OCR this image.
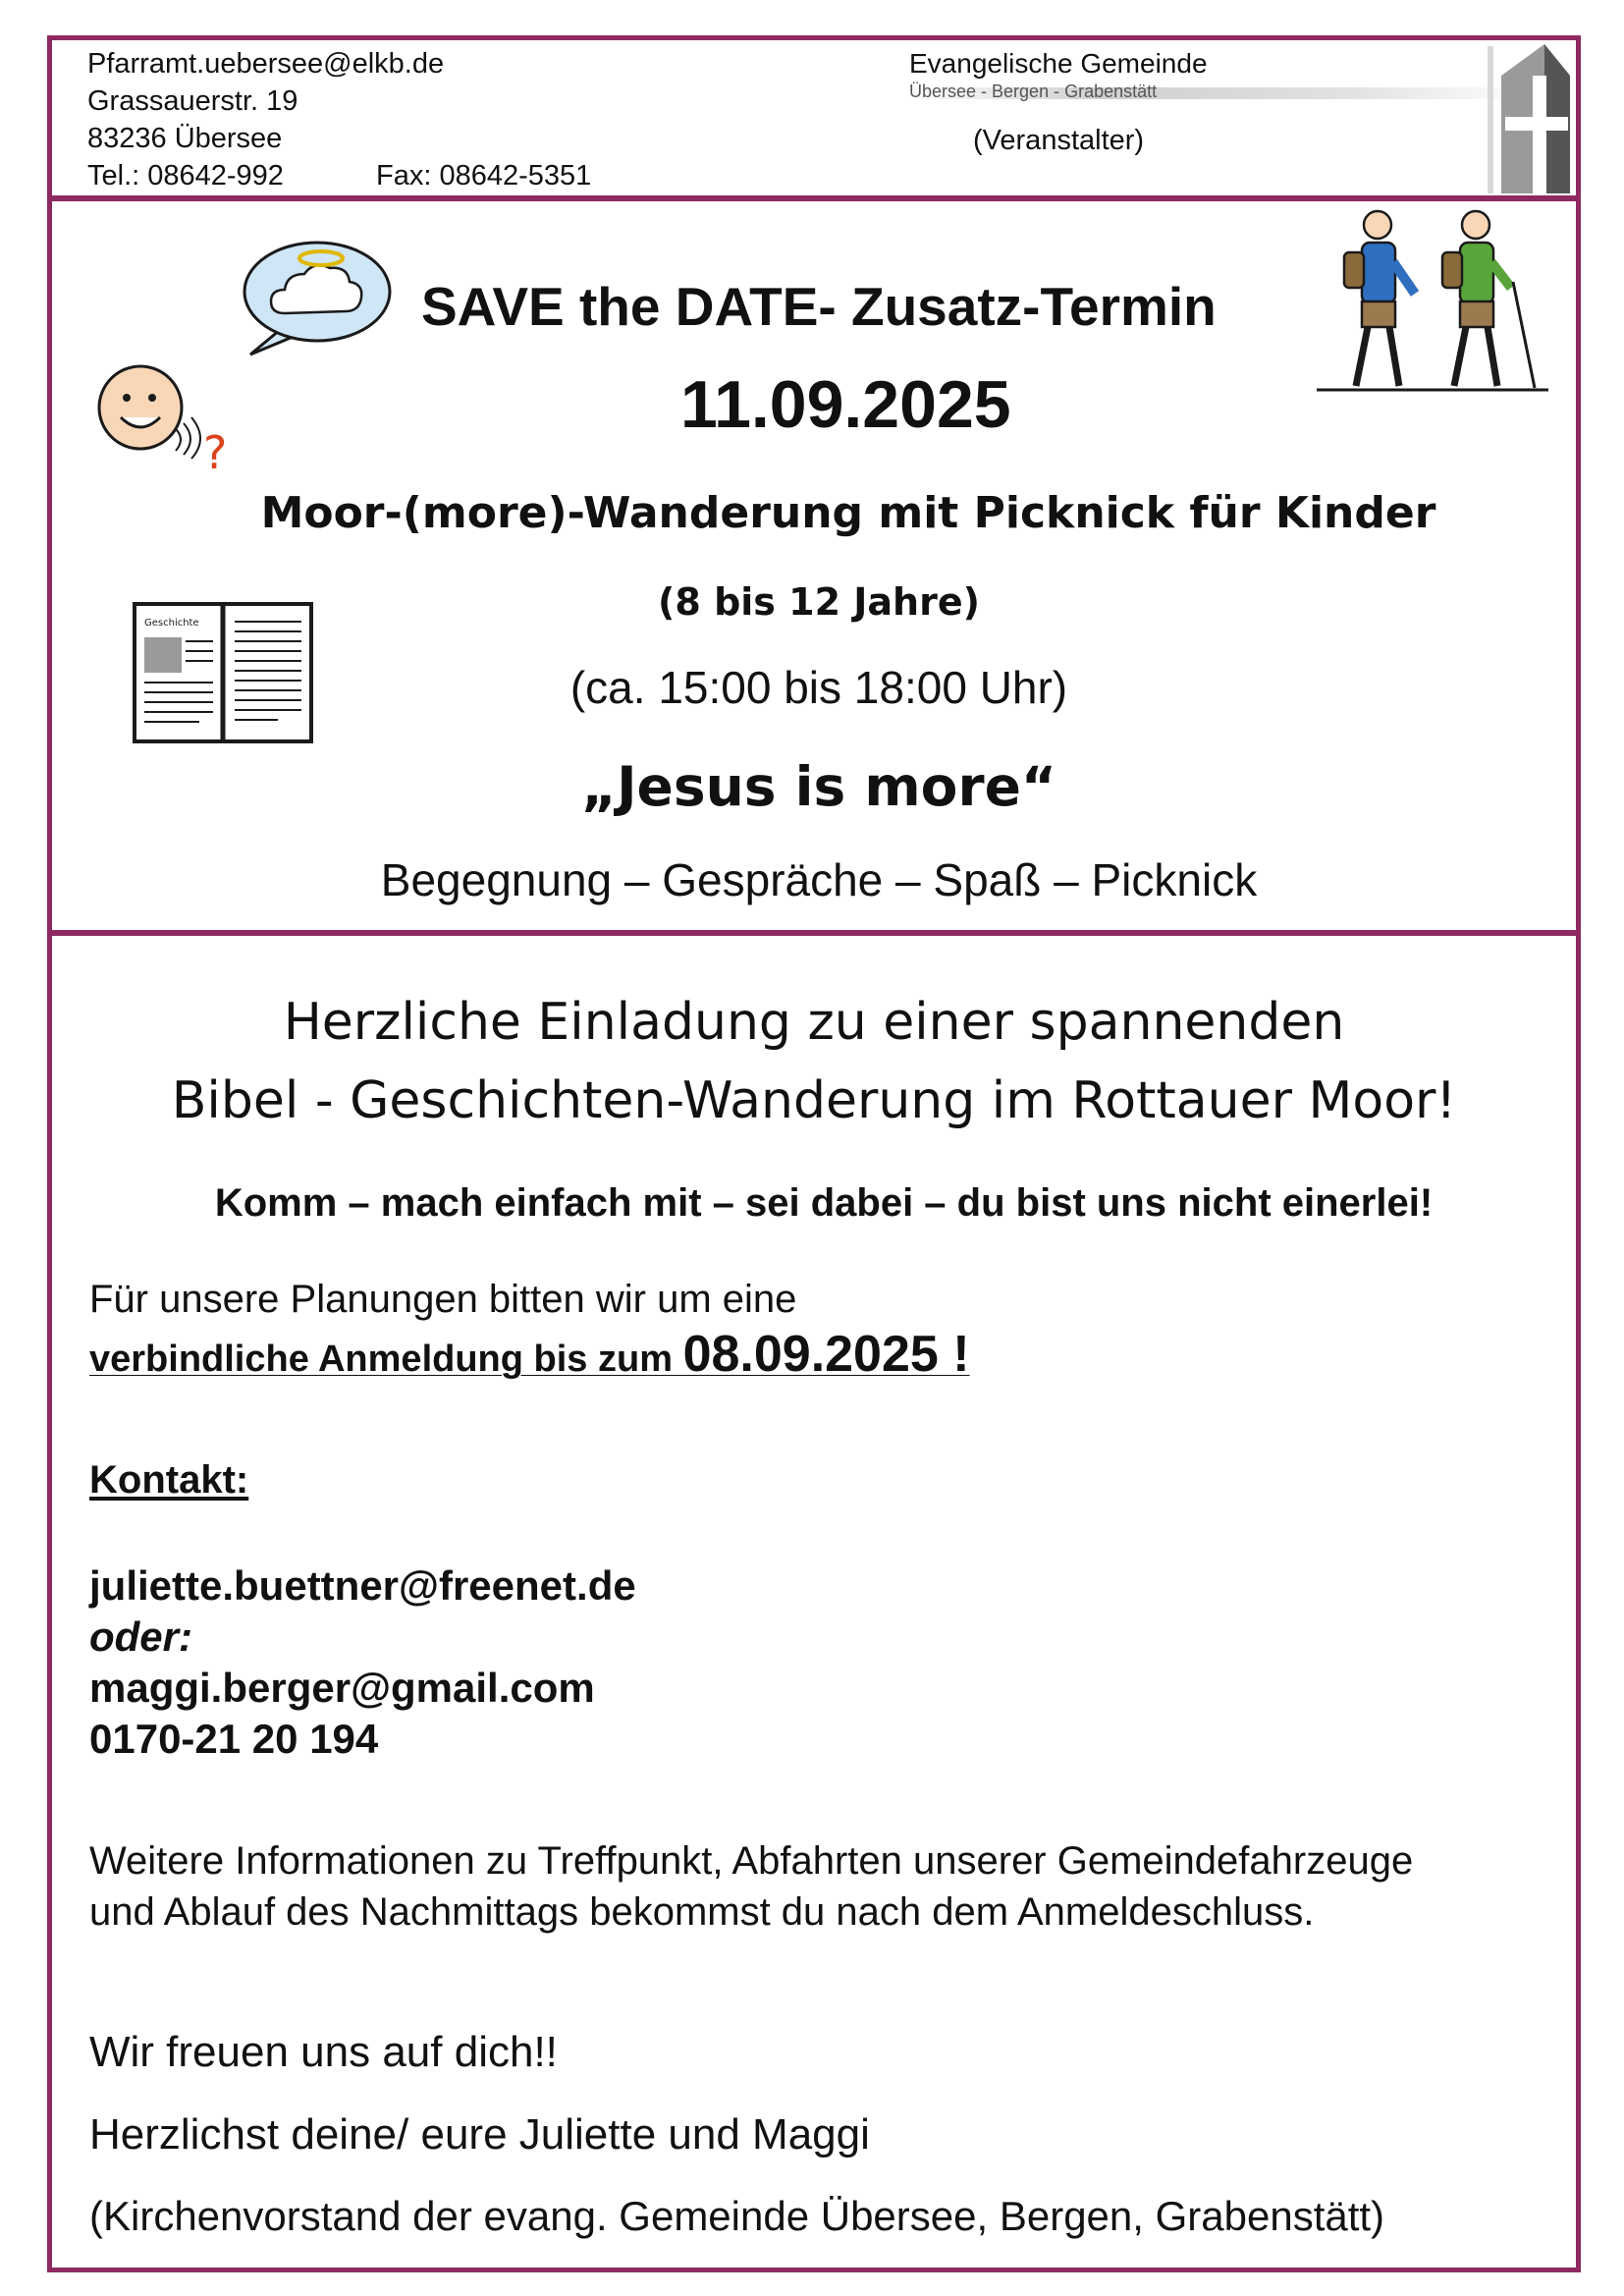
Pfarramt.uebersee@elkb.de
Grassauerstr. 19
83236 Übersee
Tel.: 08642-992	Fax: 08642-5351
Evangelische Gemeinde
Übersee - Bergen - Grabenstätt
(Veranstalter)
?
Geschichte
SAVE the DATE- Zusatz-Termin
11.09.2025
Moor-(more)-Wanderung mit Picknick für Kinder
(8 bis 12 Jahre)
(ca. 15:00 bis 18:00 Uhr)
„Jesus is more“
Begegnung – Gespräche – Spaß – Picknick
Herzliche Einladung zu einer spannenden
Bibel - Geschichten-Wanderung im Rottauer Moor!
Komm – mach einfach mit – sei dabei – du bist uns nicht einerlei!
Für unsere Planungen bitten wir um eine
verbindliche Anmeldung bis zum 08.09.2025 !
Kontakt:
juliette.buettner@freenet.de
oder:
maggi.berger@gmail.com
0170-21 20 194
Weitere Informationen zu Treffpunkt, Abfahrten unserer Gemeindefahrzeuge
und Ablauf des Nachmittags bekommst du nach dem Anmeldeschluss.
Wir freuen uns auf dich!!
Herzlichst deine/ eure Juliette und Maggi
(Kirchenvorstand der evang. Gemeinde Übersee, Bergen, Grabenstätt)
